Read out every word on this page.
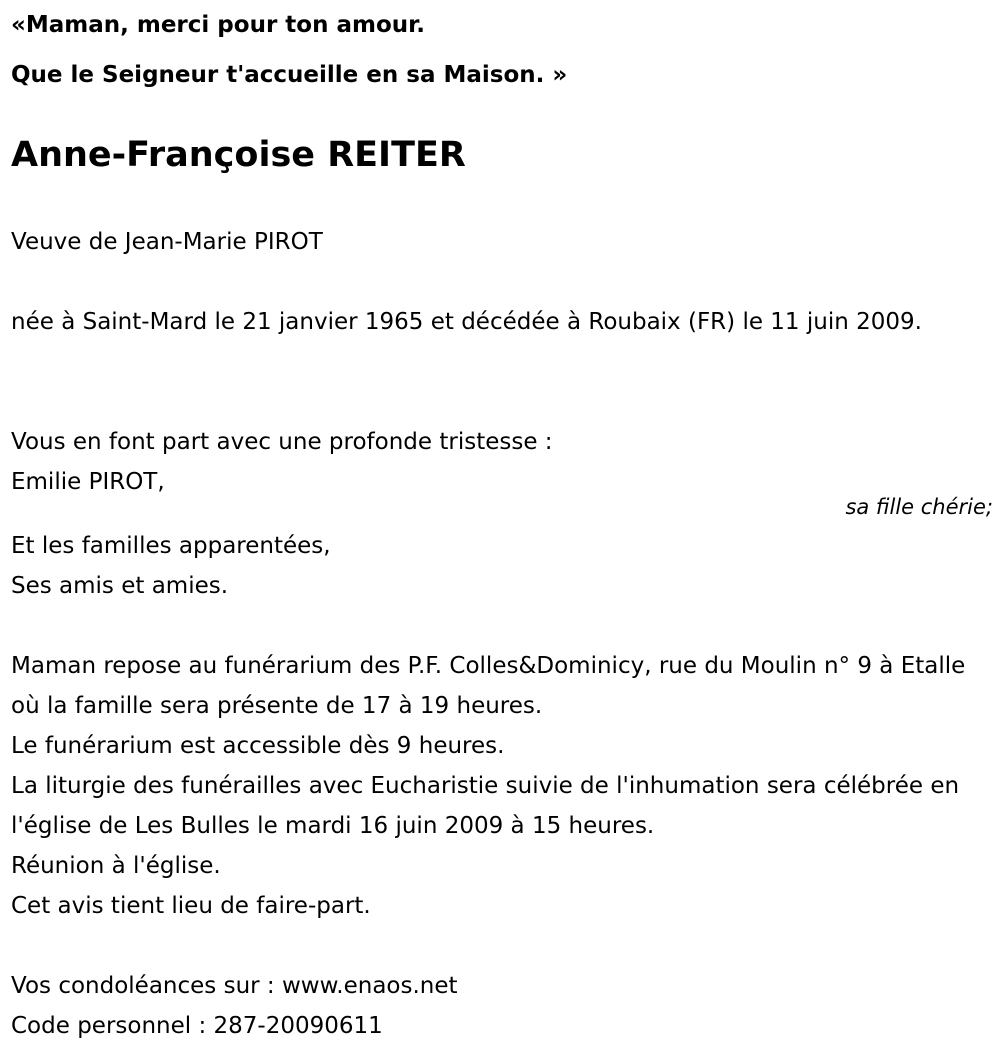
«Maman, merci pour ton amour.

Que le Seigneur t'accueille en sa Maison. »

Anne-Françoise REITER

Veuve de Jean-Marie PIROT

née à Saint-Mard le 21 janvier 1965 et décédée à Roubaix (FR) le 11 juin 2009.

Vous en font part avec une profonde tristesse :

Emilie PIROT,

sa fille chérie;

Et les familles apparentées,

Ses amis et amies.

Maman repose au funérarium des P.F. Colles&Dominicy, rue du Moulin n° 9 à Etalle où la famille sera présente de 17 à 19 heures.

Le funérarium est accessible dès 9 heures.

La liturgie des funérailles avec Eucharistie suivie de l'inhumation sera célébrée en l'église de Les Bulles le mardi 16 juin 2009 à 15 heures.

Réunion à l'église.

Cet avis tient lieu de faire-part.

Vos condoléances sur : www.enaos.net

Code personnel : 287-20090611
